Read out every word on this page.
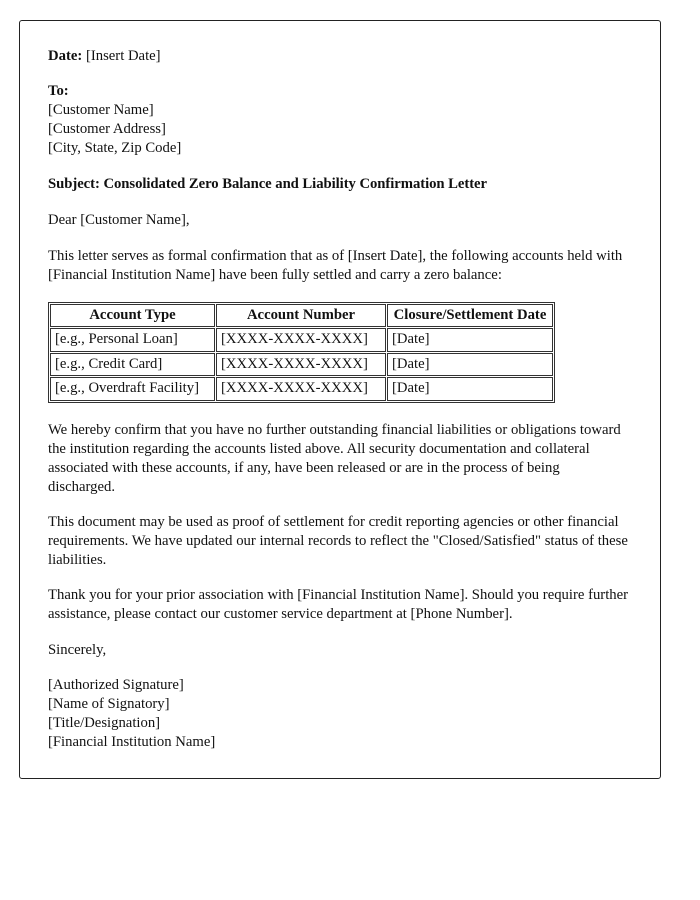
Date: [Insert Date]

To:

[Customer Name]

[Customer Address]

[City, State, Zip Code]

Subject: Consolidated Zero Balance and Liability Confirmation Letter

Dear [Customer Name],

This letter serves as formal confirmation that as of [Insert Date], the following accounts held with [Financial Institution Name] have been fully settled and carry a zero balance:

Account Type	Account Number	Closure/Settlement Date
[e.g., Personal Loan]	[XXXX-XXXX-XXXX]	[Date]
[e.g., Credit Card]	[XXXX-XXXX-XXXX]	[Date]
[e.g., Overdraft Facility]	[XXXX-XXXX-XXXX]	[Date]

We hereby confirm that you have no further outstanding financial liabilities or obligations toward the institution regarding the accounts listed above. All security documentation and collateral associated with these accounts, if any, have been released or are in the process of being discharged.

This document may be used as proof of settlement for credit reporting agencies or other financial requirements. We have updated our internal records to reflect the "Closed/Satisfied" status of these liabilities.

Thank you for your prior association with [Financial Institution Name]. Should you require further assistance, please contact our customer service department at [Phone Number].

Sincerely,

[Authorized Signature]

[Name of Signatory]

[Title/Designation]

[Financial Institution Name]
